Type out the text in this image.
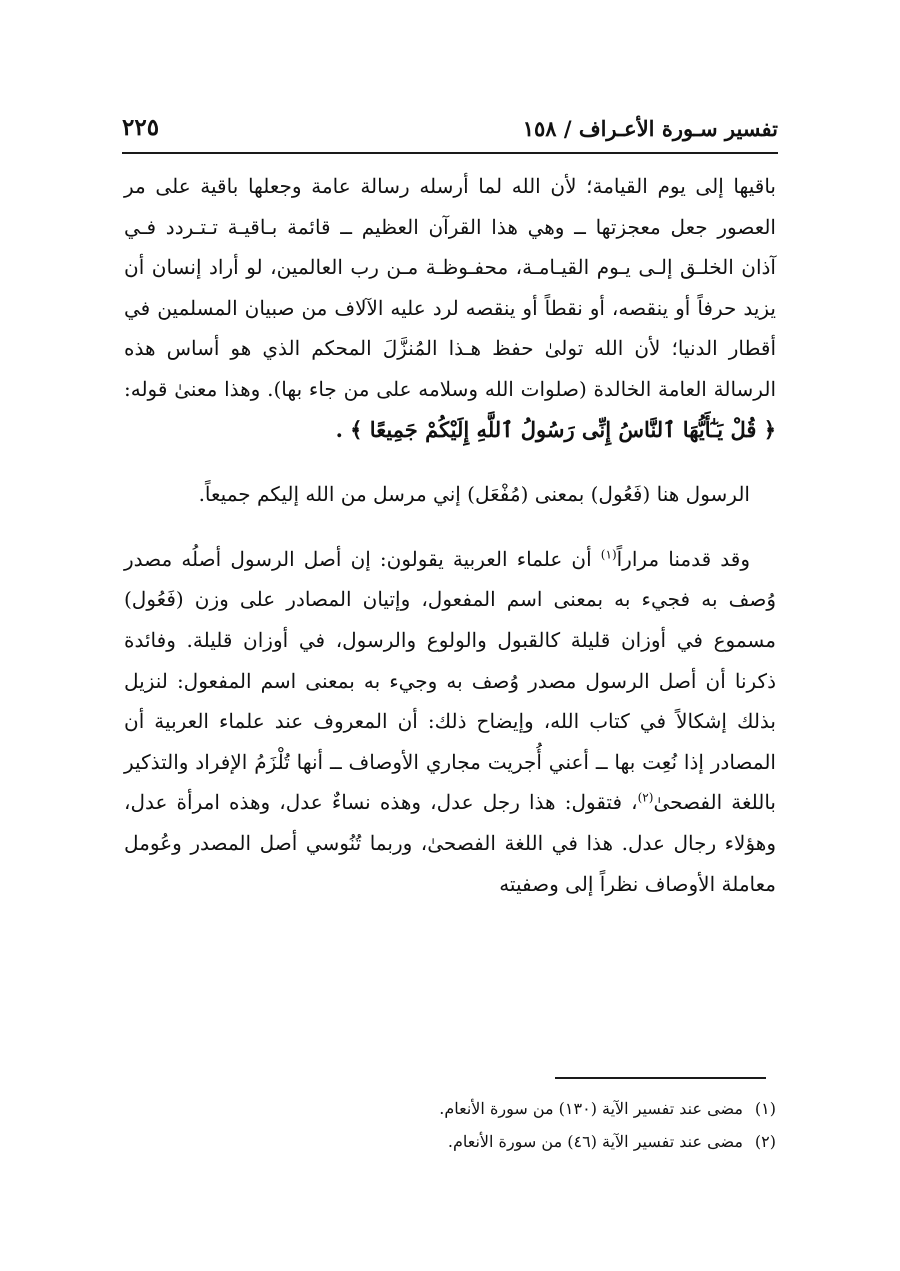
تفسير سـورة الأعـراف / ١٥٨
٢٢٥

باقيها إلى يوم القيامة؛ لأن الله لما أرسله رسالة عامة وجعلها باقية على مر العصور جعل معجزتها ــ وهي هذا القرآن العظيم ــ قائمة بـاقيـة تـتـردد فـي آذان الخلـق إلـى يـوم القيـامـة، محفـوظـة مـن رب العالمين، لو أراد إنسان أن يزيد حرفاً أو ينقصه، أو نقطاً أو ينقصه لرد عليه الآلاف من صبيان المسلمين في أقطار الدنيا؛ لأن الله تولىٰ حفظ هـذا المُنزَّلَ المحكم الذي هو أساس هذه الرسالة العامة الخالدة (صلوات الله وسلامه على من جاء بها). وهذا معنىٰ قوله: ﴿ قُلْ يَـٰٓأَيُّهَا ٱلنَّاسُ إِنِّى رَسُولُ ٱللَّهِ إِلَيْكُمْ جَمِيعًا ﴾ .

الرسول هنا (فَعُول) بمعنى (مُفْعَل) إني مرسل من الله إليكم جميعاً.

وقد قدمنا مراراً$^{(١)}$ أن علماء العربية يقولون: إن أصل الرسول أصلُه مصدر وُصف به فجيء به بمعنى اسم المفعول، وإتيان المصادر على وزن (فَعُول) مسموع في أوزان قليلة كالقبول والولوع والرسول، في أوزان قليلة. وفائدة ذكرنا أن أصل الرسول مصدر وُصف به وجيء به بمعنى اسم المفعول: لنزيل بذلك إشكالاً في كتاب الله، وإيضاح ذلك: أن المعروف عند علماء العربية أن المصادر إذا نُعِت بها ــ أعني أُجريت مجاري الأوصاف ــ أنها تُلْزَمُ الإفراد والتذكير باللغة الفصحىٰ$^{(٢)}$، فتقول: هذا رجل عدل، وهذه نساءٌ عدل، وهذه امرأة عدل، وهؤلاء رجال عدل. هذا في اللغة الفصحىٰ، وربما تُنُوسي أصل المصدر وعُومل معاملة الأوصاف نظراً إلى وصفيته

(١)مضى عند تفسير الآية (١٣٠) من سورة الأنعام.
(٢)مضى عند تفسير الآية (٤٦) من سورة الأنعام.
